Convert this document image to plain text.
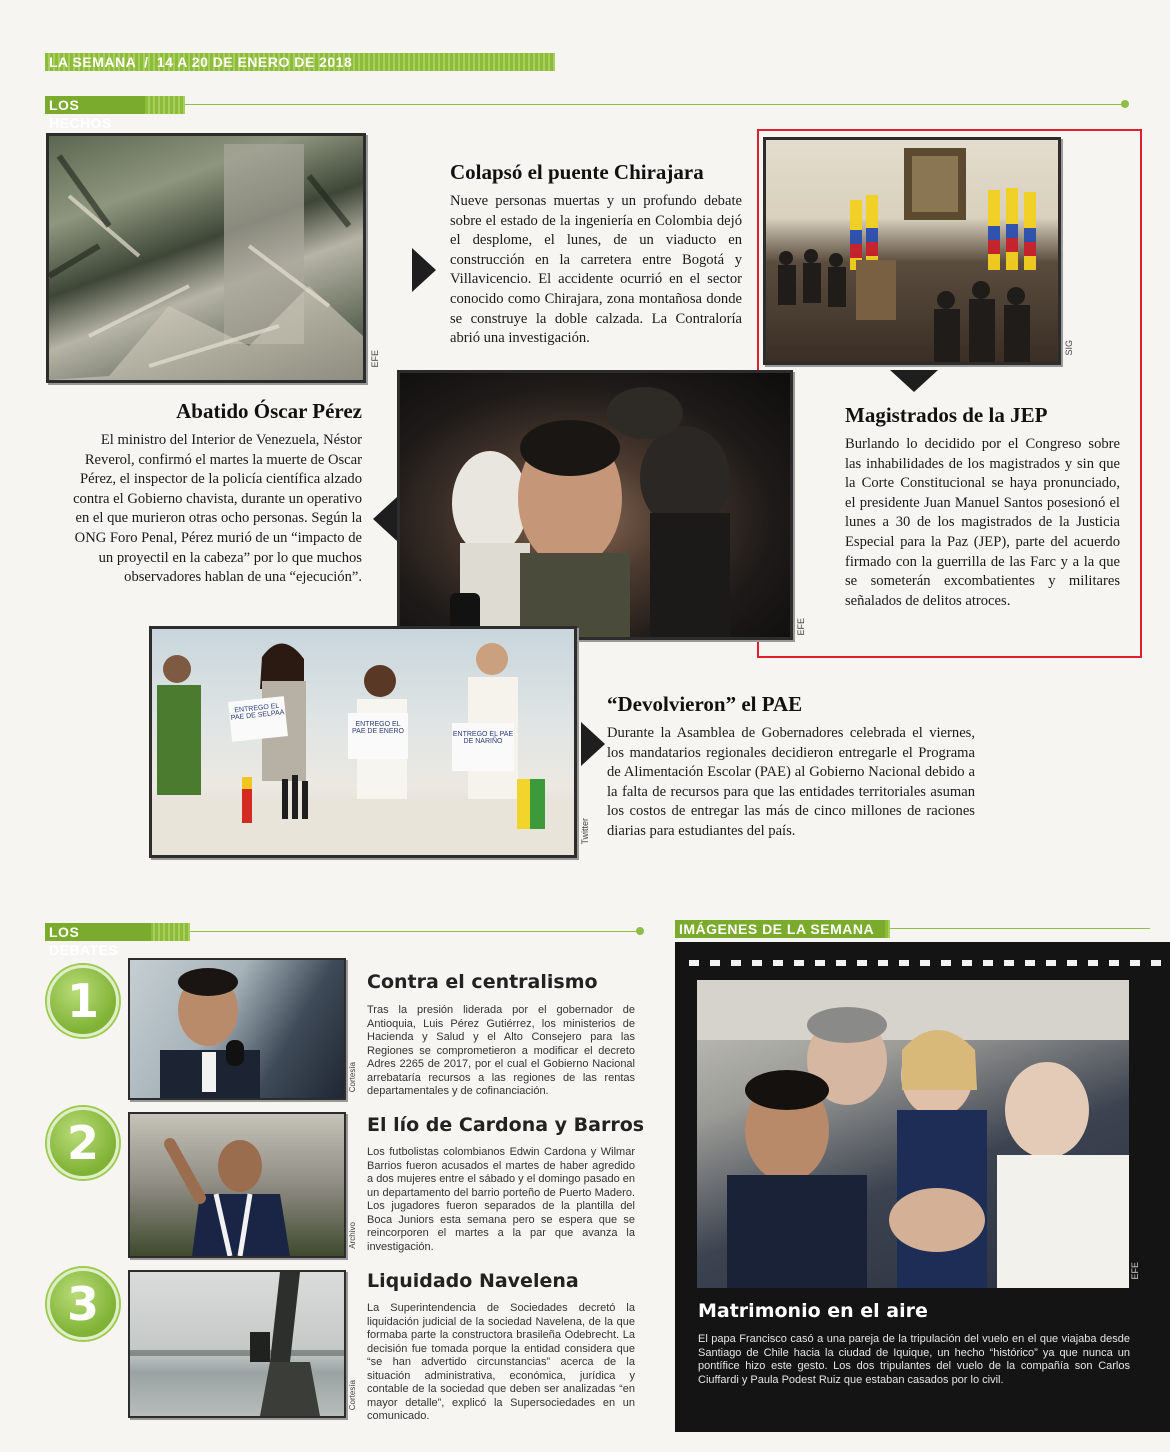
LA SEMANA / 14 A 20 DE ENERO DE 2018
LOS HECHOS
EFE
Colapsó el puente Chirajara
Nueve personas muertas y un profundo debate sobre el estado de la ingeniería en Colombia dejó el desplome, el lunes, de un viaducto en construcción en la carretera entre Bogotá y Villavicencio. El accidente ocurrió en el sector conocido como Chirajara, zona montañosa donde se construye la doble calzada. La Contraloría abrió una investigación.
SIG
Magistrados de la JEP
Burlando lo decidido por el Congreso sobre las inhabilidades de los magistrados y sin que la Corte Constitucional se haya pronunciado, el presidente Juan Manuel Santos posesionó el lunes a 30 de los magistrados de la Justicia Especial para la Paz (JEP), parte del acuerdo firmado con la guerrilla de las Farc y a la que se someterán excombatientes y militares señalados de delitos atroces.
EFE
Abatido Óscar Pérez
El ministro del Interior de Venezuela, Néstor Reverol, confirmó el martes la muerte de Oscar Pérez, el inspector de la policía científica alzado contra el Gobierno chavista, durante un operativo en el que murieron otras ocho personas. Según la ONG Foro Penal, Pérez murió de un “impacto de un proyectil en la cabeza” por lo que muchos observadores hablan de una “ejecución”.
ENTREGO EL PAE DE SELPAA
ENTREGO EL PAE DE ENERO	ENTREGO EL PAE DE NARIÑO
Twitter
“Devolvieron” el PAE
Durante la Asamblea de Gobernadores celebrada el viernes, los mandatarios regionales decidieron entregarle el Programa de Alimentación Escolar (PAE) al Gobierno Nacional debido a la falta de recursos para que las entidades territoriales asuman los costos de entregar las más de cinco millones de raciones diarias para estudiantes del país.
LOS DEBATES
1
Cortesía
Contra el centralismo
Tras la presión liderada por el gobernador de Antioquia, Luis Pérez Gutiérrez, los ministerios de Hacienda y Salud y el Alto Consejero para las Regiones se comprometieron a modificar el decreto Adres 2265 de 2017, por el cual el Gobierno Nacional arrebataría recursos a las regiones de las rentas departamentales y de cofinanciación.
2
Archivo
El lío de Cardona y Barros
Los futbolistas colombianos Edwin Cardona y Wilmar Barrios fueron acusados el martes de haber agredido a dos mujeres entre el sábado y el domingo pasado en un departamento del barrio porteño de Puerto Madero. Los jugadores fueron separados de la plantilla del Boca Juniors esta semana pero se espera que se reincorporen el martes a la par que avanza la investigación.
3
Cortesía
Liquidado Navelena
La Superintendencia de Sociedades decretó la liquidación judicial de la sociedad Navelena, de la que formaba parte la constructora brasileña Odebrecht. La decisión fue tomada porque la entidad considera que “se han advertido circunstancias” acerca de la situación administrativa, económica, jurídica y contable de la sociedad que deben ser analizadas “en mayor detalle”, explicó la Supersociedades en un comunicado.
IMÁGENES DE LA SEMANA
EFE
Matrimonio en el aire
El papa Francisco casó a una pareja de la tripulación del vuelo en el que viajaba desde Santiago de Chile hacia la ciudad de Iquique, un hecho “histórico” ya que nunca un pontífice hizo este gesto. Los dos tripulantes del vuelo de la compañía son Carlos Ciuffardi y Paula Podest Ruiz que estaban casados por lo civil.
